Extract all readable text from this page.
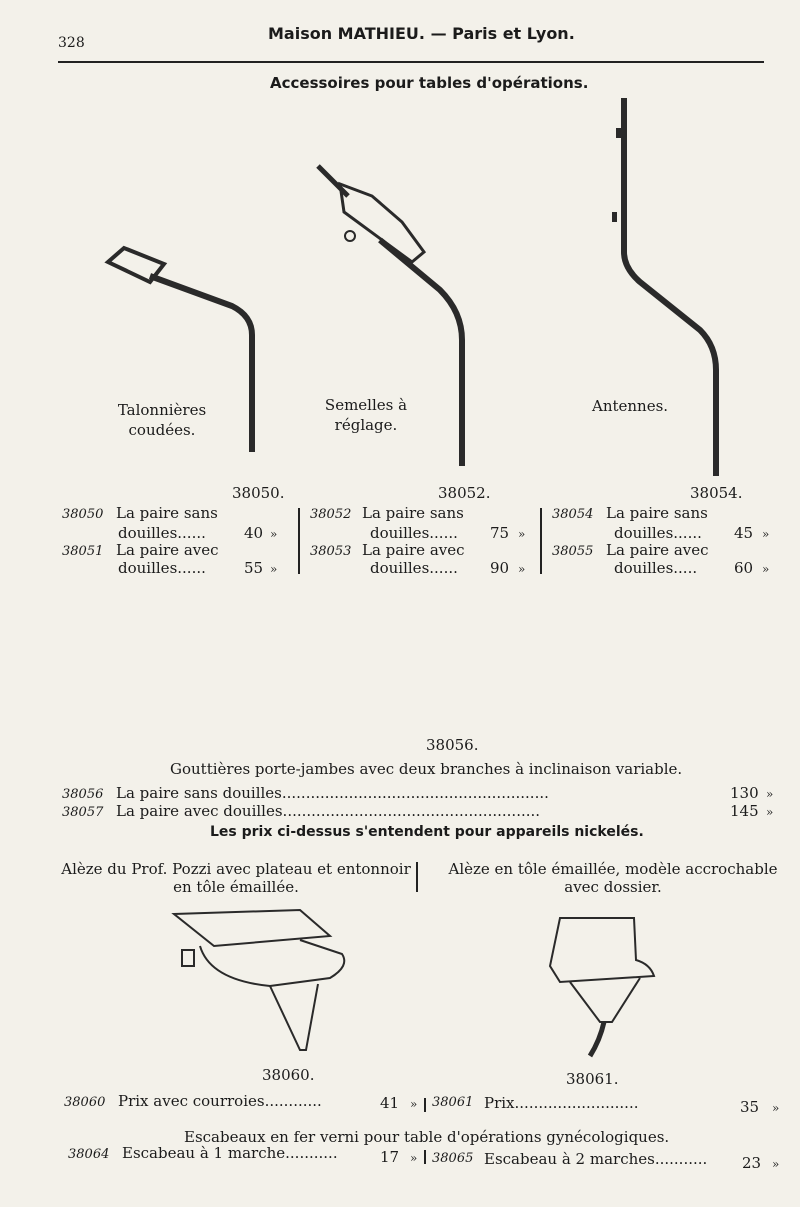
328	Maison MATHIEU. — Paris et Lyon.
Accessoires pour tables d'opérations.
Talonnières
coudées.
Semelles à
réglage.
Antennes.
38050.	38052.	38054.
38050 La paire sans
douilles......	40 »
38051 La paire avec
douilles......	55 »
38052 La paire sans
douilles...... 75 »
38053 La paire avec
douilles...... 90 »
38054 La paire sans
douilles...... 45 »
38055 La paire avec
douilles..... 60 »
38056.
Gouttières porte-jambes avec deux branches à inclinaison variable.
38056 La paire sans douilles........................................................	130 »
38057 La paire avec douilles......................................................	145 »
Les prix ci-dessus s'entendent pour appareils nickelés.
Alèze du Prof. Pozzi avec plateau et entonnoir
en tôle émaillée.
Alèze en tôle émaillée, modèle accrochable
avec dossier.
38060.	38061.
38060 Prix avec courroies............	41 » 38061 Prix..........................	35 »
Escabeaux en fer verni pour table d'opérations gynécologiques.
38064 Escabeau à 1 marche...........	17 » 38065 Escabeau à 2 marches........... 23 »
